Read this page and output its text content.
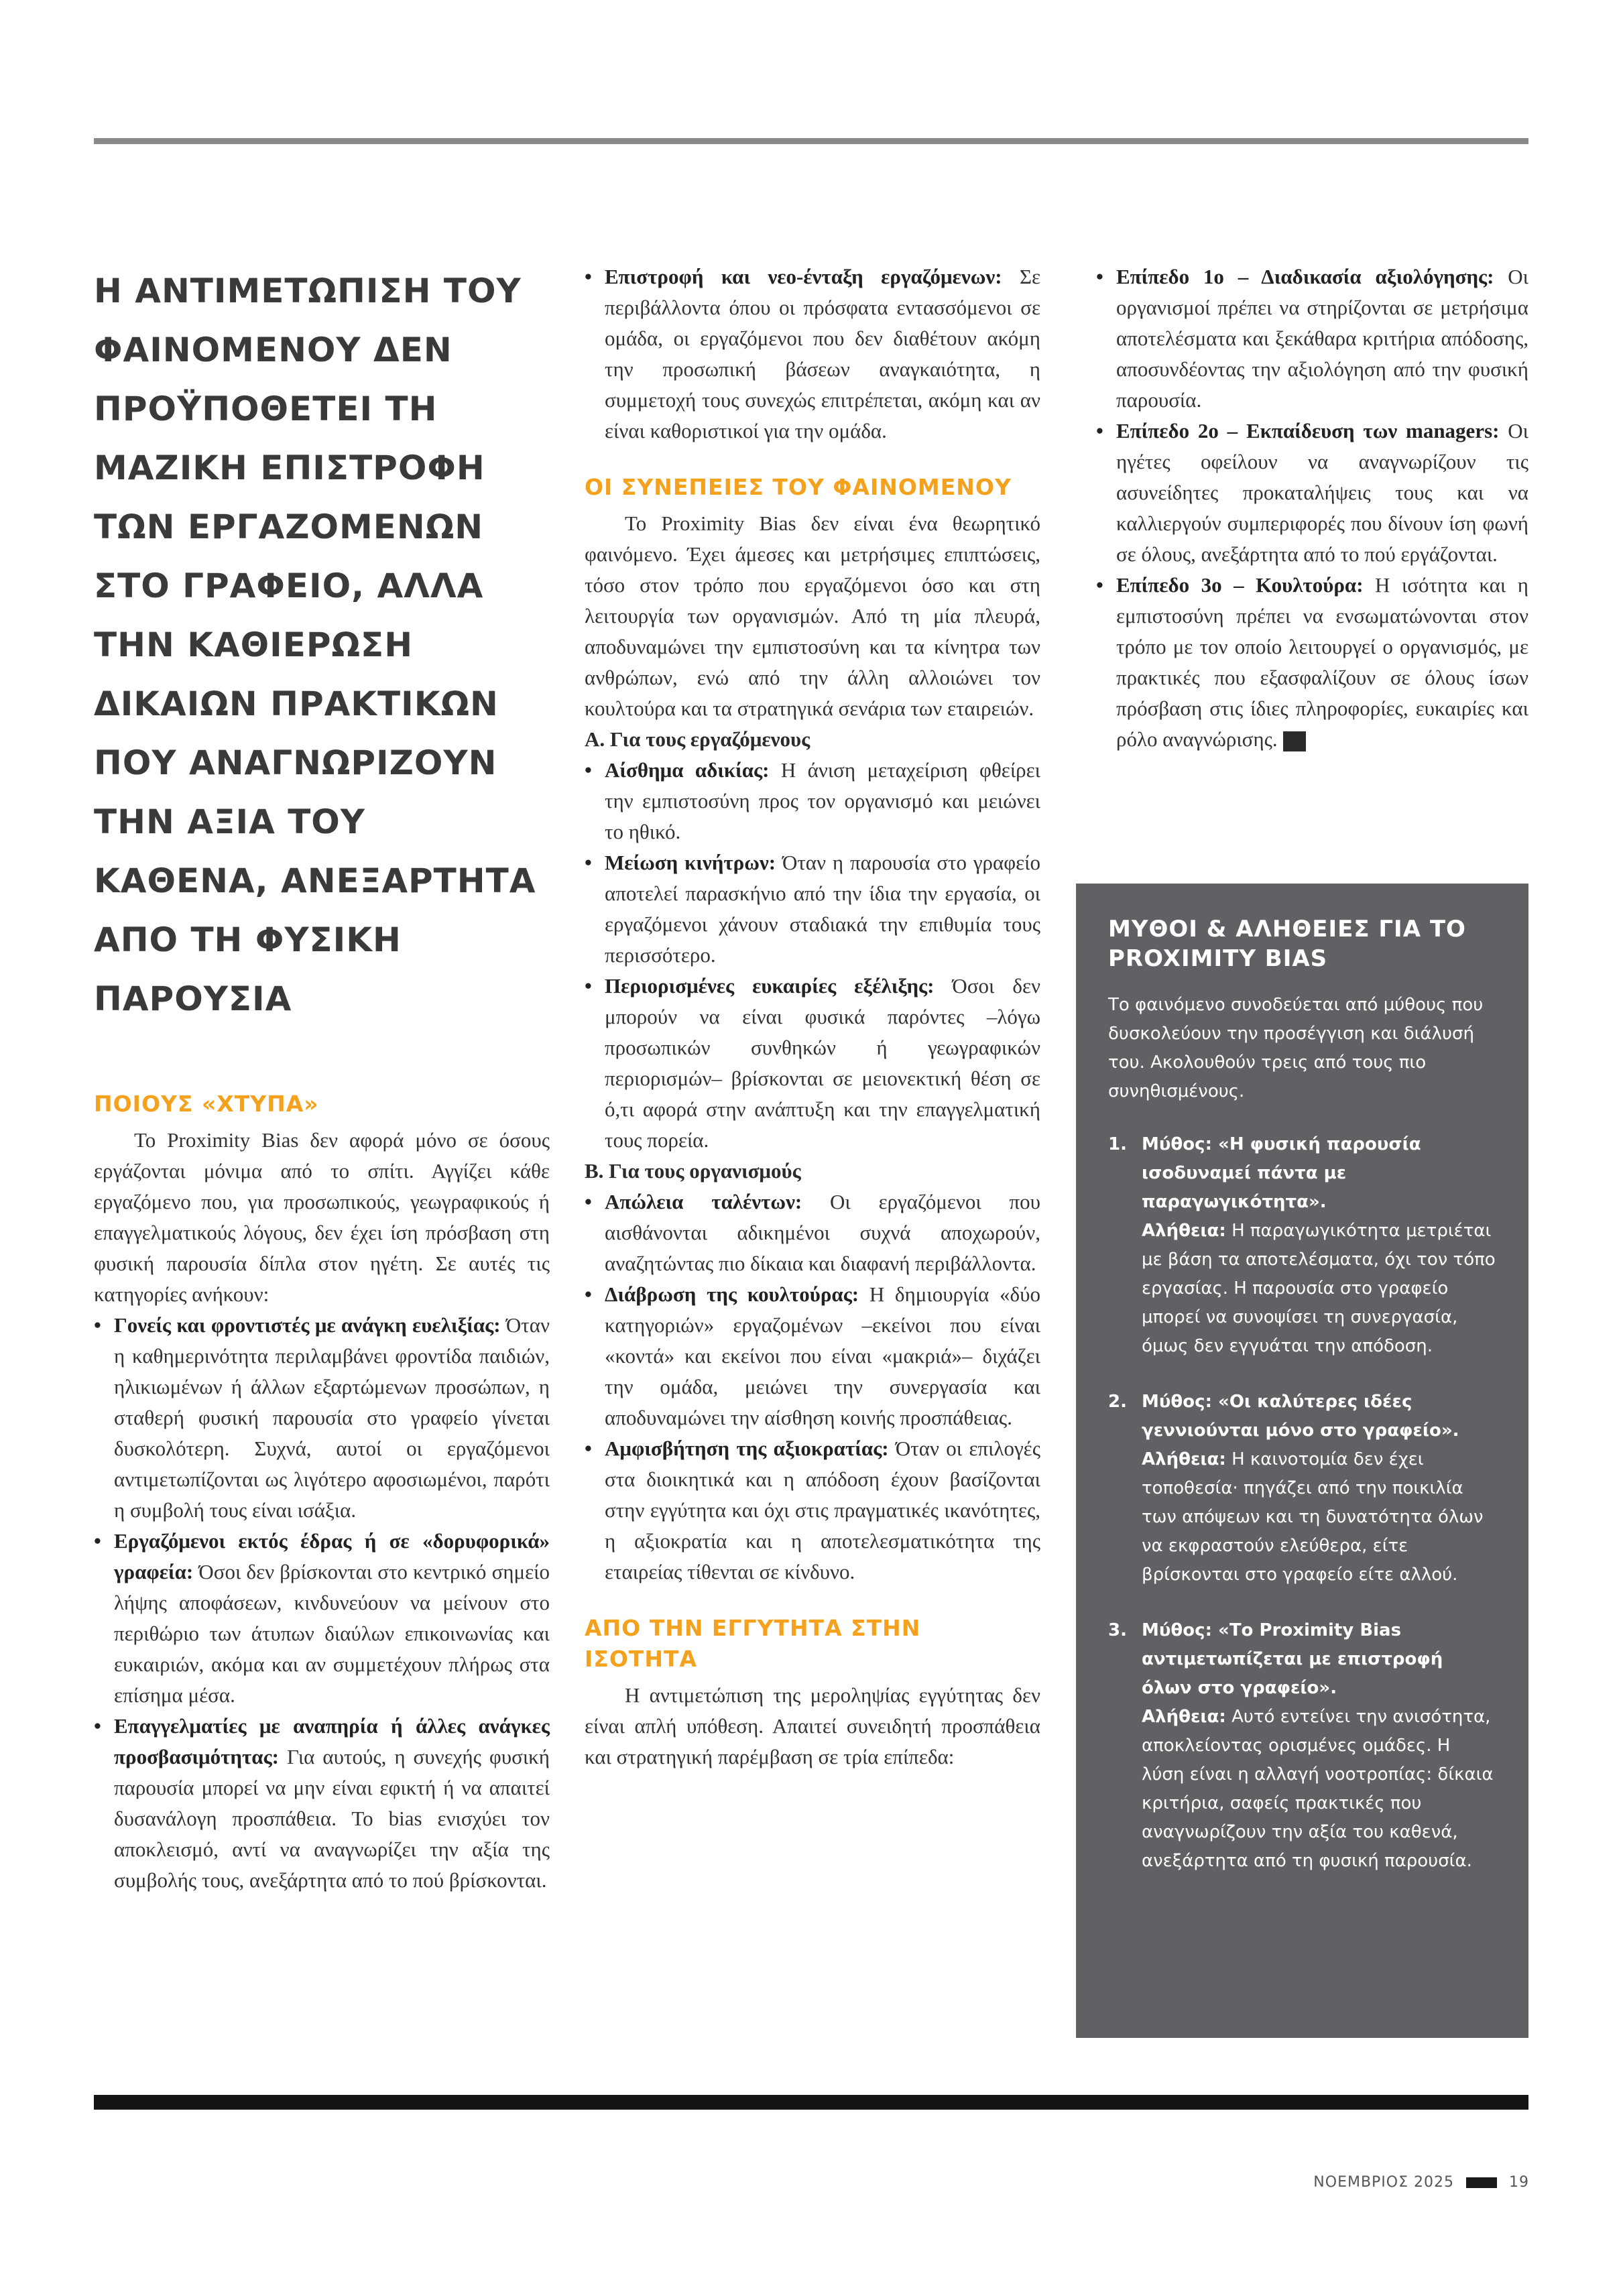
Η ΑΝΤΙΜΕΤΩΠΙΣΗ ΤΟΥ ΦΑΙΝΟΜΕΝΟΥ ΔΕΝ ΠΡΟΫΠΟΘΕΤΕΙ ΤΗ ΜΑΖΙΚΗ ΕΠΙΣΤΡΟΦΗ ΤΩΝ ΕΡΓΑΖΟΜΕΝΩΝ ΣΤΟ ΓΡΑΦΕΙΟ, ΑΛΛΑ ΤΗΝ ΚΑΘΙΕΡΩΣΗ ΔΙΚΑΙΩΝ ΠΡΑΚΤΙΚΩΝ ΠΟΥ ΑΝΑΓΝΩΡΙΖΟΥΝ ΤΗΝ ΑΞΙΑ ΤΟΥ ΚΑΘΕΝΑ, ΑΝΕΞΑΡΤΗΤΑ ΑΠΟ ΤΗ ΦΥΣΙΚΗ ΠΑΡΟΥΣΙΑ

ΠΟΙΟΥΣ «ΧΤΥΠΑ»

Το Proximity Bias δεν αφορά μόνο σε όσους εργάζονται μόνιμα από το σπίτι. Αγγίζει κάθε εργαζόμενο που, για προσωπικούς, γεωγραφικούς ή επαγγελματικούς λόγους, δεν έχει ίση πρόσβαση στη φυσική παρουσία δίπλα στον ηγέτη. Σε αυτές τις κατηγορίες ανήκουν:

• Γονείς και φροντιστές με ανάγκη ευελιξίας: Όταν η καθημερινότητα περιλαμβάνει φροντίδα παιδιών, ηλικιωμένων ή άλλων εξαρτώμενων προσώπων, η σταθερή φυσική παρουσία στο γραφείο γίνεται δυσκολότερη. Συχνά, αυτοί οι εργαζόμενοι αντιμετωπίζονται ως λιγότερο αφοσιωμένοι, παρότι η συμβολή τους είναι ισάξια.
• Εργαζόμενοι εκτός έδρας ή σε «δορυφορικά» γραφεία: Όσοι δεν βρίσκονται στο κεντρικό σημείο λήψης αποφάσεων, κινδυνεύουν να μείνουν στο περιθώριο των άτυπων διαύλων επικοινωνίας και ευκαιριών, ακόμα και αν συμμετέχουν πλήρως στα επίσημα μέσα.
• Επαγγελματίες με αναπηρία ή άλλες ανάγκες προσβασιμότητας: Για αυτούς, η συνεχής φυσική παρουσία μπορεί να μην είναι εφικτή ή να απαιτεί δυσανάλογη προσπάθεια. Το bias ενισχύει τον αποκλεισμό, αντί να αναγνωρίζει την αξία της συμβολής τους, ανεξάρτητα από το πού βρίσκονται.
• Επιστροφή και νεο-ένταξη εργαζόμενων: Σε περιβάλλοντα όπου οι πρόσφατα εντασσόμενοι σε ομάδα, οι εργαζόμενοι που δεν διαθέτουν ακόμη την προσωπική βάσεων αναγκαιότητα, η συμμετοχή τους συνεχώς επιτρέπεται, ακόμη και αν είναι καθοριστικοί για την ομάδα.
ΟΙ ΣΥΝΕΠΕΙΕΣ ΤΟΥ ΦΑΙΝΟΜΕΝΟΥ

Το Proximity Bias δεν είναι ένα θεωρητικό φαινόμενο. Έχει άμεσες και μετρήσιμες επιπτώσεις, τόσο στον τρόπο που εργαζόμενοι όσο και στη λειτουργία των οργανισμών. Από τη μία πλευρά, αποδυναμώνει την εμπιστοσύνη και τα κίνητρα των ανθρώπων, ενώ από την άλλη αλλοιώνει τον κουλτούρα και τα στρατηγικά σενάρια των εταιρειών.

Α. Για τους εργαζόμενους

• Αίσθημα αδικίας: Η άνιση μεταχείριση φθείρει την εμπιστοσύνη προς τον οργανισμό και μειώνει το ηθικό.
• Μείωση κινήτρων: Όταν η παρουσία στο γραφείο αποτελεί παρασκήνιο από την ίδια την εργασία, οι εργαζόμενοι χάνουν σταδιακά την επιθυμία τους περισσότερο.
• Περιορισμένες ευκαιρίες εξέλιξης: Όσοι δεν μπορούν να είναι φυσικά παρόντες –λόγω προσωπικών συνθηκών ή γεωγραφικών περιορισμών– βρίσκονται σε μειονεκτική θέση σε ό,τι αφορά στην ανάπτυξη και την επαγγελματική τους πορεία.

Β. Για τους οργανισμούς

• Απώλεια ταλέντων: Οι εργαζόμενοι που αισθάνονται αδικημένοι συχνά αποχωρούν, αναζητώντας πιο δίκαια και διαφανή περιβάλλοντα.
• Διάβρωση της κουλτούρας: Η δημιουργία «δύο κατηγοριών» εργαζομένων –εκείνοι που είναι «κοντά» και εκείνοι που είναι «μακριά»– διχάζει την ομάδα, μειώνει την συνεργασία και αποδυναμώνει την αίσθηση κοινής προσπάθειας.
• Αμφισβήτηση της αξιοκρατίας: Όταν οι επιλογές στα διοικητικά και η απόδοση έχουν βασίζονται στην εγγύτητα και όχι στις πραγματικές ικανότητες, η αξιοκρατία και η αποτελεσματικότητα της εταιρείας τίθενται σε κίνδυνο.
ΑΠΟ ΤΗΝ ΕΓΓΥΤΗΤΑ ΣΤΗΝ ΙΣΟΤΗΤΑ

Η αντιμετώπιση της μεροληψίας εγγύτητας δεν είναι απλή υπόθεση. Απαιτεί συνειδητή προσπάθεια και στρατηγική παρέμβαση σε τρία επίπεδα:

• Επίπεδο 1ο – Διαδικασία αξιολόγησης: Οι οργανισμοί πρέπει να στηρίζονται σε μετρήσιμα αποτελέσματα και ξεκάθαρα κριτήρια απόδοσης, αποσυνδέοντας την αξιολόγηση από την φυσική παρουσία.
• Επίπεδο 2ο – Εκπαίδευση των managers: Οι ηγέτες οφείλουν να αναγνωρίζουν τις ασυνείδητες προκαταλήψεις τους και να καλλιεργούν συμπεριφορές που δίνουν ίση φωνή σε όλους, ανεξάρτητα από το πού εργάζονται.
• Επίπεδο 3ο – Κουλτούρα: Η ισότητα και η εμπιστοσύνη πρέπει να ενσωματώνονται στον τρόπο με τον οποίο λειτουργεί ο οργανισμός, με πρακτικές που εξασφαλίζουν σε όλους ίσων πρόσβαση στις ίδιες πληροφορίες, ευκαιρίες και ρόλο αναγνώρισης.
ΜΥΘΟΙ & ΑΛΗΘΕΙΕΣ ΓΙΑ ΤΟ PROXIMITY BIAS

Το φαινόμενο συνοδεύεται από μύθους που δυσκολεύουν την προσέγγιση και διάλυσή του. Ακολουθούν τρεις από τους πιο συνηθισμένους.

1. Μύθος: «Η φυσική παρουσία ισοδυναμεί πάντα με παραγωγικότητα».
Αλήθεια: Η παραγωγικότητα μετριέται με βάση τα αποτελέσματα, όχι τον τόπο εργασίας. Η παρουσία στο γραφείο μπορεί να συνοψίσει τη συνεργασία, όμως δεν εγγυάται την απόδοση.
2. Μύθος: «Οι καλύτερες ιδέες γεννιούνται μόνο στο γραφείο».
Αλήθεια: Η καινοτομία δεν έχει τοποθεσία· πηγάζει από την ποικιλία των απόψεων και τη δυνατότητα όλων να εκφραστούν ελεύθερα, είτε βρίσκονται στο γραφείο είτε αλλού.
3. Μύθος: «Το Proximity Bias αντιμετωπίζεται με επιστροφή όλων στο γραφείο».
Αλήθεια: Αυτό εντείνει την ανισότητα, αποκλείοντας ορισμένες ομάδες. Η λύση είναι η αλλαγή νοοτροπίας: δίκαια κριτήρια, σαφείς πρακτικές που αναγνωρίζουν την αξία του καθενά, ανεξάρτητα από τη φυσική παρουσία.
ΝΟΕΜΒΡΙΟΣ 2025	19
